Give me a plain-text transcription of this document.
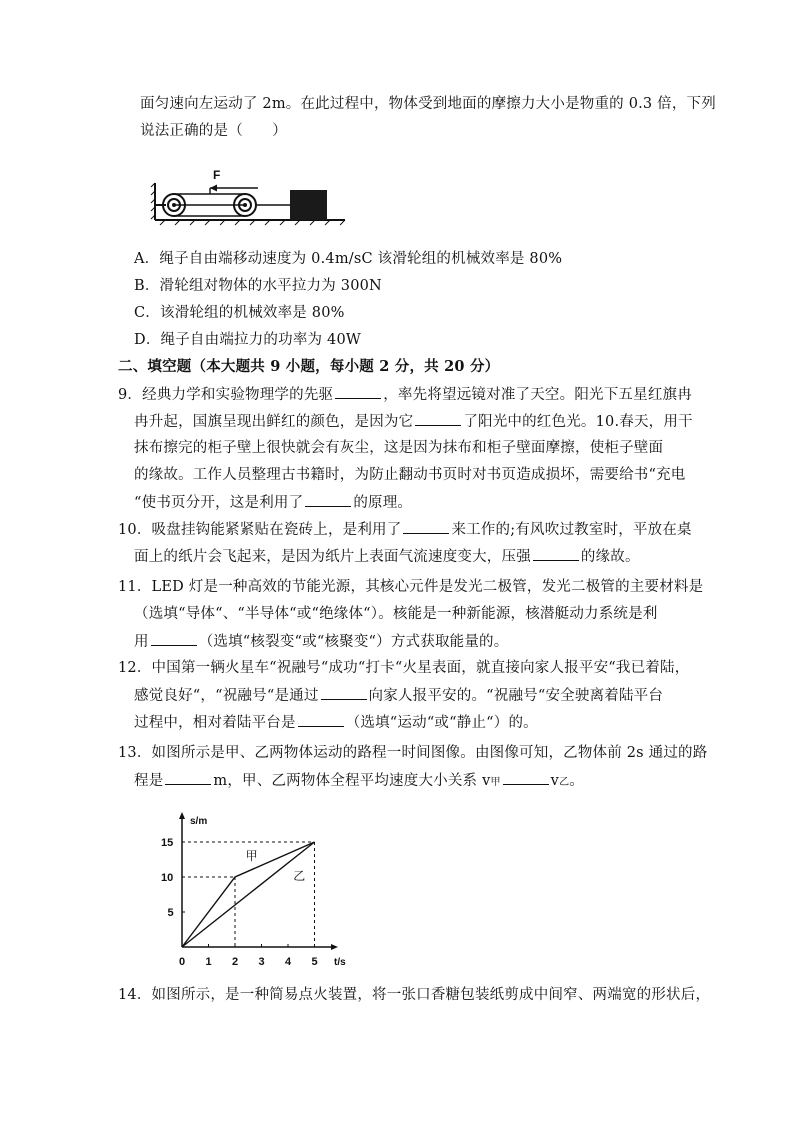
面匀速向左运动了 2m。在此过程中，物体受到地面的摩擦力大小是物重的 0.3 倍，下列
说法正确的是（　　）
F
A．绳子自由端移动速度为 0.4m/sC 该滑轮组的机械效率是 80%
B．滑轮组对物体的水平拉力为 300N
C．该滑轮组的机械效率是 80%
D．绳子自由端拉力的功率为 40W
二、填空题（本大题共 9 小题，每小题 2 分，共 20 分）
9．经典力学和实验物理学的先驱	，率先将望远镜对准了天空。阳光下五星红旗冉
冉升起，国旗呈现出鲜红的颜色，是因为它	了阳光中的红色光。10.春天，用干
抹布擦完的柜子壁上很快就会有灰尘，这是因为抹布和柜子壁面摩擦，使柜子壁面
的缘故。工作人员整理古书籍时，为防止翻动书页时对书页造成损坏，需要给书“充电
“使书页分开，这是利用了	的原理。
10．吸盘挂钩能紧紧贴在瓷砖上，是利用了	来工作的;有风吹过教室时，平放在桌
面上的纸片会飞起来，是因为纸片上表面气流速度变大，压强	的缘故。
11．LED 灯是一种高效的节能光源，其核心元件是发光二极管，发光二极管的主要材料是
（选填“导体“、“半导体“或“绝缘体“）。核能是一种新能源，核潜艇动力系统是利
用	（选填“核裂变“或“核聚变“）方式获取能量的。
12．中国第一辆火星车“祝融号“成功“打卡“火星表面，就直接向家人报平安“我已着陆，
感觉良好“，“祝融号“是通过	向家人报平安的。“祝融号“安全驶离着陆平台
过程中，相对着陆平台是	（选填“运动“或“静止“）的。
13．如图所示是甲、乙两物体运动的路程一时间图像。由图像可知，乙物体前 2s 通过的路
程是	m，甲、乙两物体全程平均速度大小关系 v甲	v乙。
s/m
t/s
0 1 2 3 4 5
5
10
15
甲
乙
14．如图所示，是一种简易点火装置，将一张口香糖包装纸剪成中间窄、两端宽的形状后，
